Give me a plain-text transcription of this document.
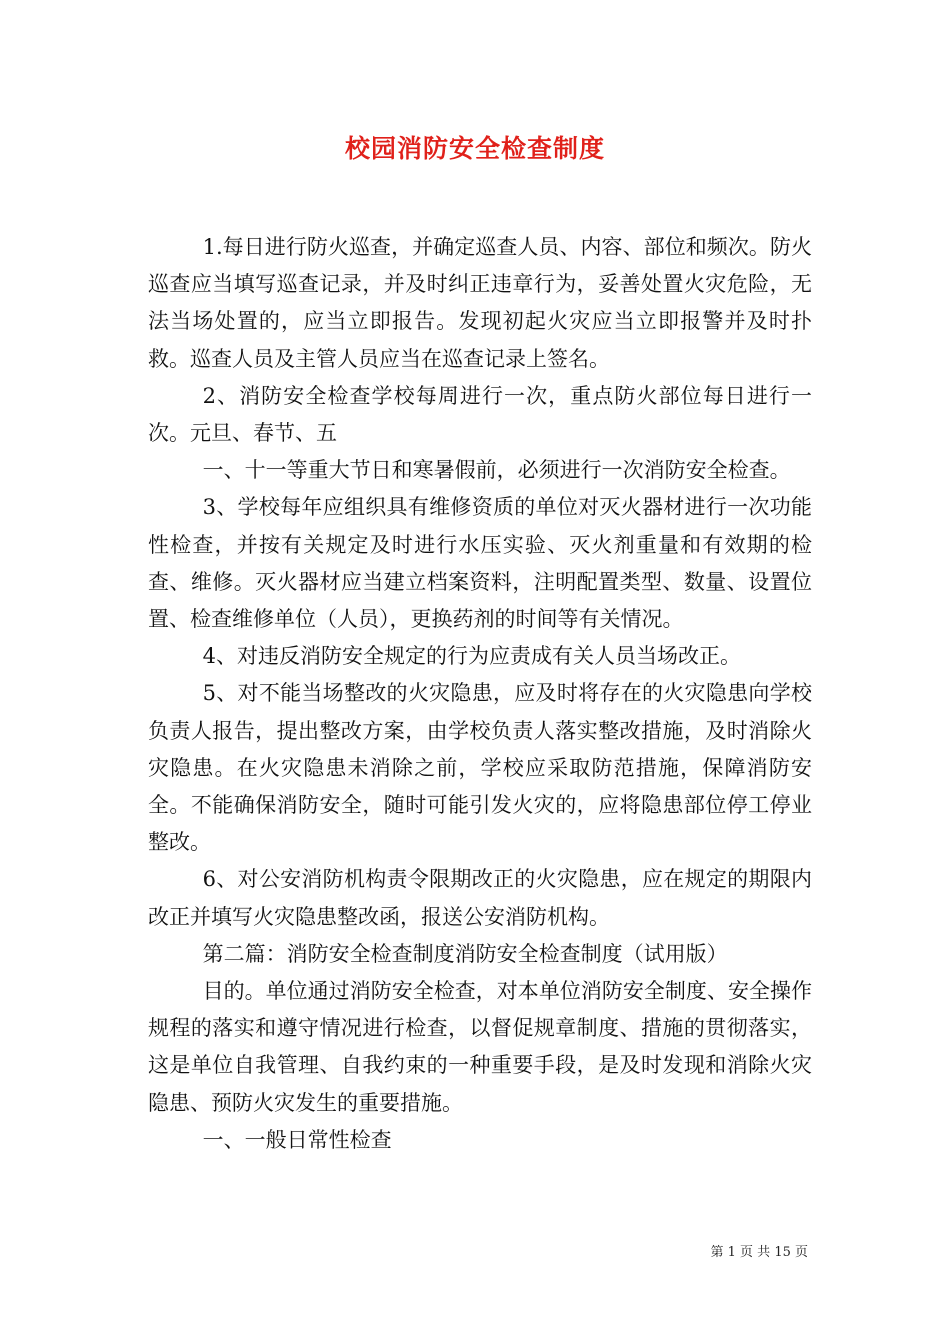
校园消防安全检查制度

1.每日进行防火巡查，并确定巡查人员、内容、部位和频次。防火巡查应当填写巡查记录，并及时纠正违章行为，妥善处置火灾危险，无法当场处置的，应当立即报告。发现初起火灾应当立即报警并及时扑救。巡查人员及主管人员应当在巡查记录上签名。

2、消防安全检查学校每周进行一次，重点防火部位每日进行一次。元旦、春节、五

一、十一等重大节日和寒暑假前，必须进行一次消防安全检查。

3、学校每年应组织具有维修资质的单位对灭火器材进行一次功能性检查，并按有关规定及时进行水压实验、灭火剂重量和有效期的检查、维修。灭火器材应当建立档案资料，注明配置类型、数量、设置位置、检查维修单位（人员），更换药剂的时间等有关情况。

4、对违反消防安全规定的行为应责成有关人员当场改正。

5、对不能当场整改的火灾隐患，应及时将存在的火灾隐患向学校负责人报告，提出整改方案，由学校负责人落实整改措施，及时消除火灾隐患。在火灾隐患未消除之前，学校应采取防范措施，保障消防安全。不能确保消防安全，随时可能引发火灾的，应将隐患部位停工停业整改。

6、对公安消防机构责令限期改正的火灾隐患，应在规定的期限内改正并填写火灾隐患整改函，报送公安消防机构。

第二篇：消防安全检查制度消防安全检查制度（试用版）

目的。单位通过消防安全检查，对本单位消防安全制度、安全操作规程的落实和遵守情况进行检查，以督促规章制度、措施的贯彻落实，这是单位自我管理、自我约束的一种重要手段，是及时发现和消除火灾隐患、预防火灾发生的重要措施。

一、一般日常性检查

第 1 页 共 15 页
